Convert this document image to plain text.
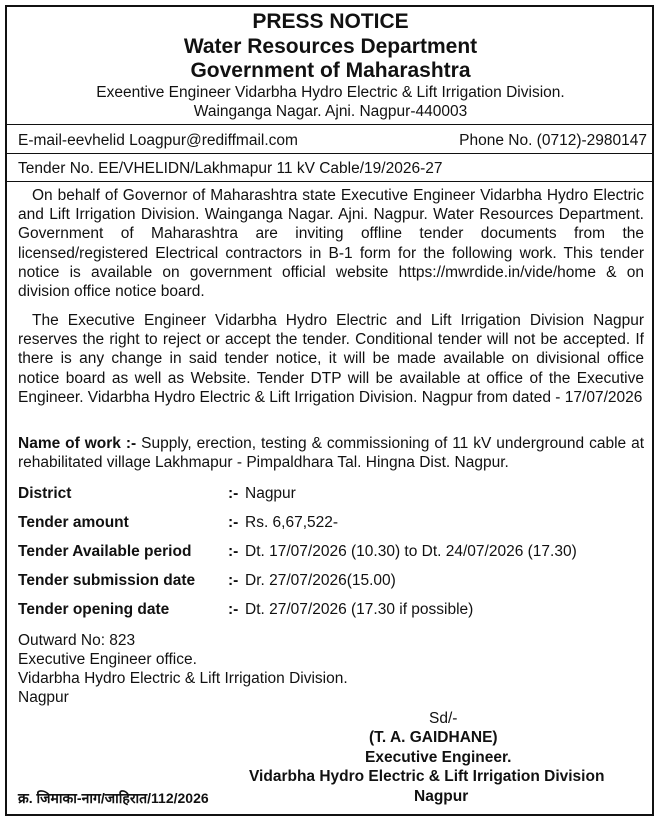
PRESS NOTICE
Water Resources Department
Government of Maharashtra
Exeentive Engineer Vidarbha Hydro Electric & Lift Irrigation Division.
Wainganga Nagar. Ajni. Nagpur-440003
E-mail-eevhelid Loagpur@rediffmail.com	Phone No. (0712)-2980147
Tender No. EE/VHELIDN/Lakhmapur 11 kV Cable/19/2026-27
On behalf of Governor of Maharashtra state Executive Engineer Vidarbha Hydro Electric and Lift Irrigation Division. Wainganga Nagar. Ajni. Nagpur. Water Resources Department. Government of Maharashtra are inviting offline tender documents from the licensed/registered Electrical contractors in B-1 form for the following work. This tender notice is available on government official website https://mwrdide.in/vide/home & on division office notice board.
The Executive Engineer Vidarbha Hydro Electric and Lift Irrigation Division Nagpur reserves the right to reject or accept the tender. Conditional tender will not be accepted. If there is any change in said tender notice, it will be made available on divisional office notice board as well as Website. Tender DTP will be available at office of the Executive Engineer. Vidarbha Hydro Electric & Lift Irrigation Division. Nagpur from dated - 17/07/2026
Name of work :- Supply, erection, testing & commissioning of 11 kV underground cable at rehabilitated village Lakhmapur - Pimpaldhara Tal. Hingna Dist. Nagpur.
District	:- Nagpur
Tender amount	:- Rs. 6,67,522-
Tender Available period :- Dt. 17/07/2026 (10.30) to Dt. 24/07/2026 (17.30)
Tender submission date :- Dr. 27/07/2026(15.00)
Tender opening date	:- Dt. 27/07/2026 (17.30 if possible)
Outward No: 823
Executive Engineer office.
Vidarbha Hydro Electric & Lift Irrigation Division.
Nagpur
Sd/-
(T. A. GAIDHANE)
Executive Engineer.
Vidarbha Hydro Electric & Lift Irrigation Division
Nagpur
क्र. जिमाका-नाग/जाहिरात/112/2026
